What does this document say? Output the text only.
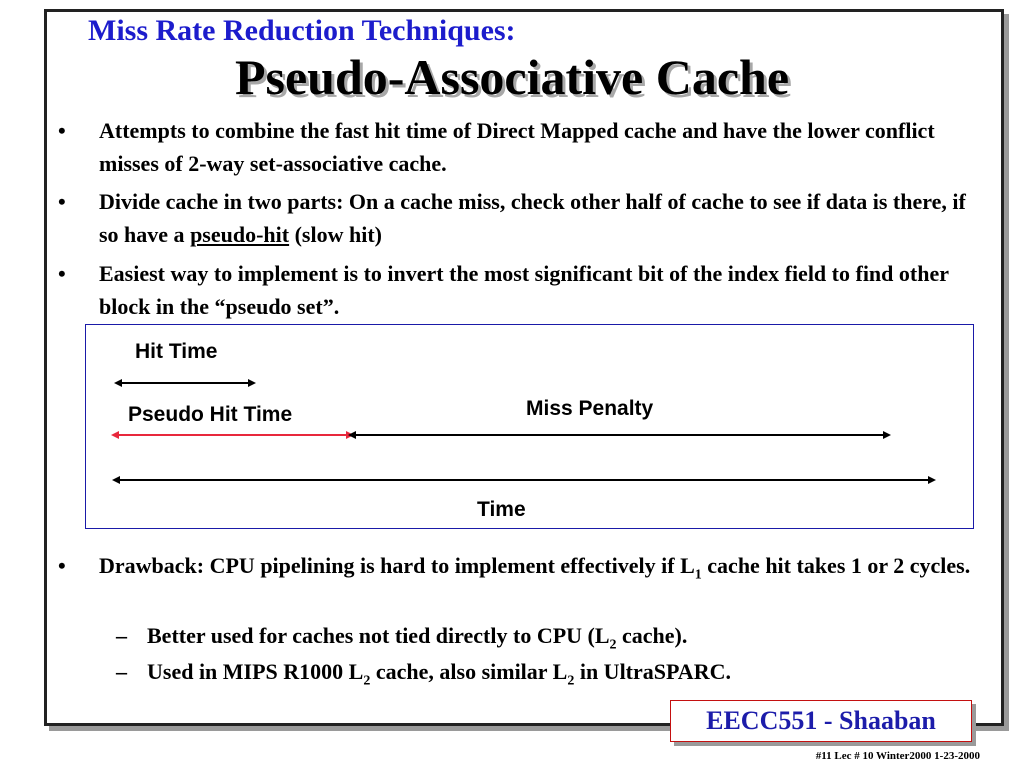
Miss Rate Reduction Techniques:
Pseudo-Associative Cache
•	Attempts to combine the fast hit time of Direct Mapped cache and have the lower conflict misses of 2-way set-associative cache.
•	Divide cache in two parts: On a cache miss, check other half of cache to see if data is there, if so have a pseudo-hit (slow hit)
•	Easiest way to implement is to invert the most significant bit of the index field to find other block in the “pseudo set”.
Hit Time
Pseudo Hit Time	Miss Penalty
Time
•	Drawback: CPU pipelining is hard to implement effectively if $L_1$ cache hit takes 1 or 2 cycles.
– Better used for caches not tied directly to CPU ($L_2$ cache).
– Used in MIPS R1000 $L_2$ cache, also similar $L_2$ in UltraSPARC.
EECC551 - Shaaban
#11 Lec # 10 Winter2000 1-23-2000
